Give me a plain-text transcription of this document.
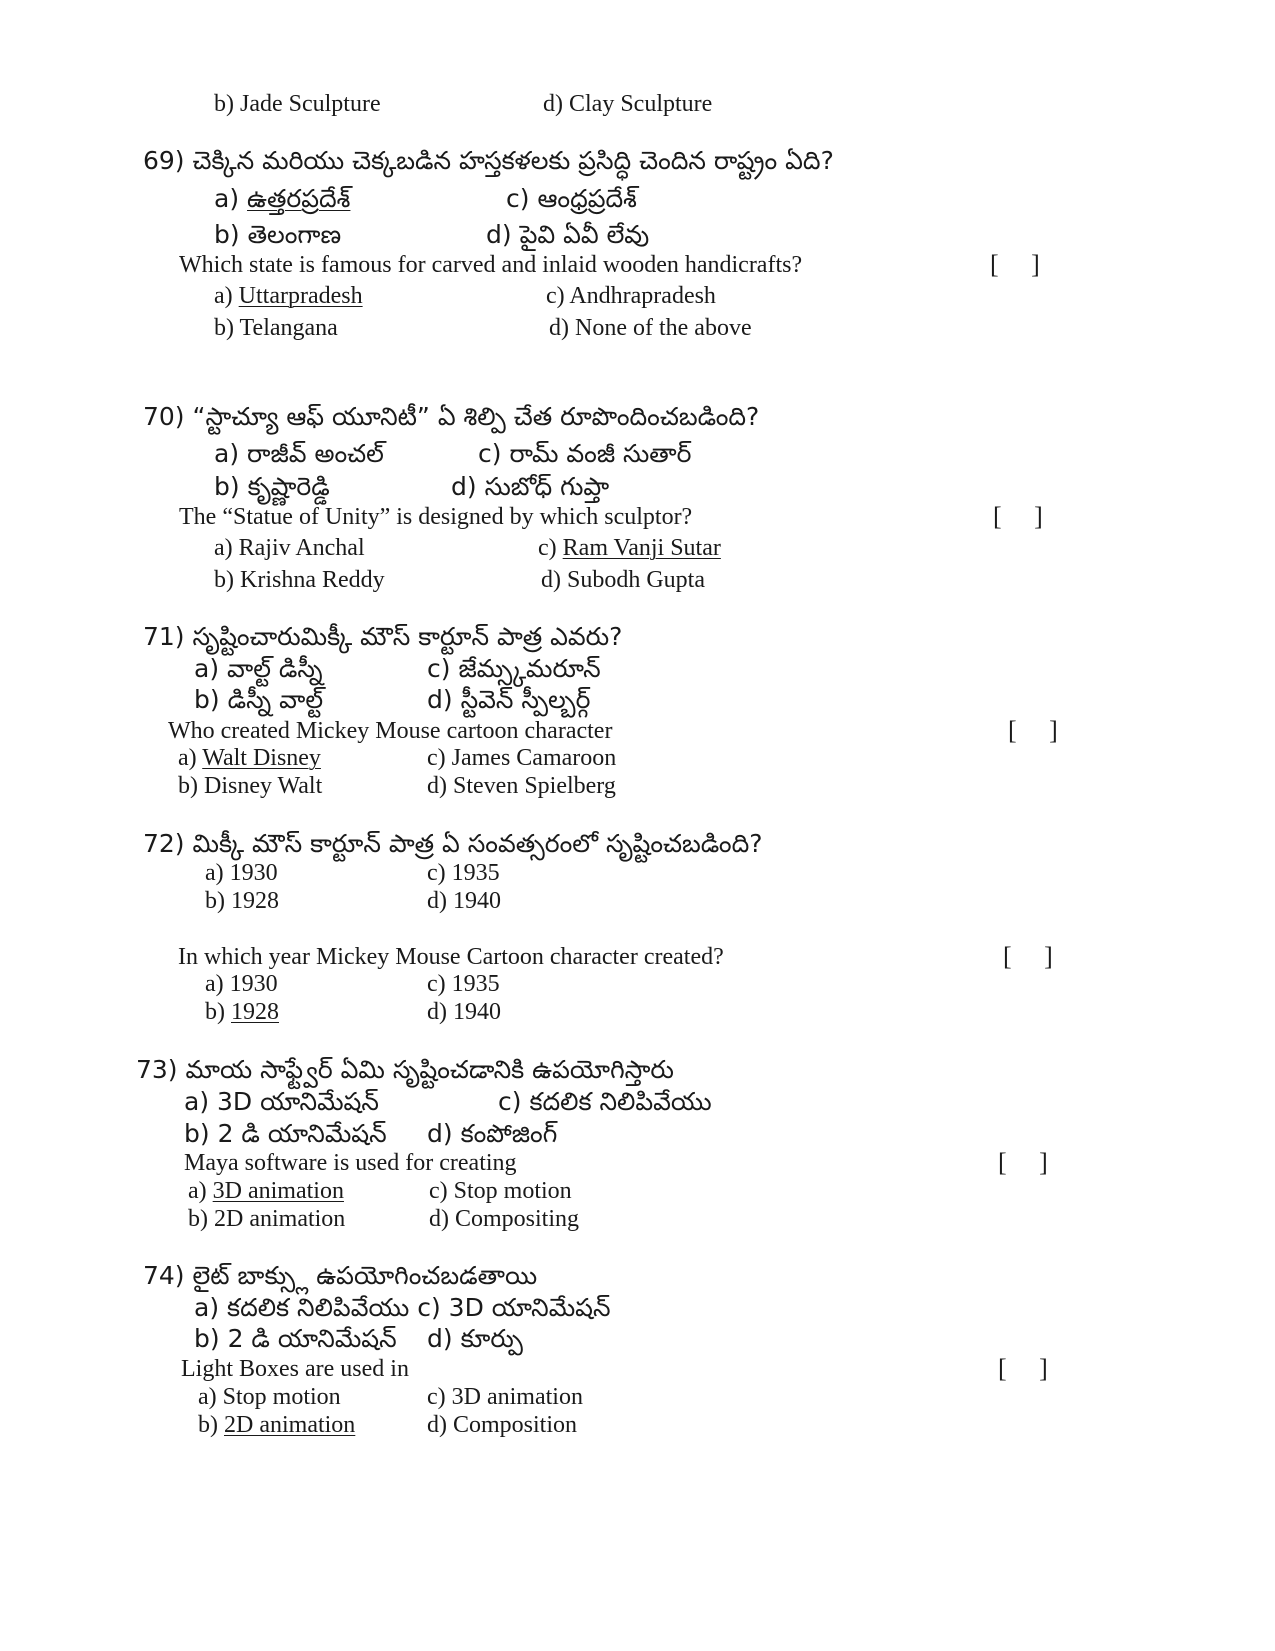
b) Jade Sculpture	d) Clay Sculpture
69) చెక్కిన మరియు చెక్కబడిన హస్తకళలకు ప్రసిద్ధి చెందిన రాష్ట్రం ఏది?
a) ఉత్తరప్రదేశ్	c) ఆంధ్రప్రదేశ్
b) తెలంగాణ	d) పైవి ఏవీ లేవు
Which state is famous for carved and inlaid wooden handicrafts?	[     ]
a) Uttarpradesh	c) Andhrapradesh
b) Telangana	d) None of the above
70) “స్టాచ్యూ ఆఫ్ యూనిటీ” ఏ శిల్పి చేత రూపొందించబడింది?
a) రాజీవ్ అంచల్	c) రామ్ వంజీ సుతార్
b) కృష్ణారెడ్డి	d) సుబోధ్ గుప్తా
The “Statue of Unity” is designed by which sculptor?	[     ]
a) Rajiv Anchal	c) Ram Vanji Sutar
b) Krishna Reddy	d) Subodh Gupta
71) సృష్టించారుమిక్కీ మౌస్ కార్టూన్ పాత్ర ఎవరు?
a) వాల్ట్ డిస్నీ	c) జేమ్స్కమరూన్
b) డిస్నీ వాల్ట్	d) స్టీవెన్ స్పీల్బర్గ్
Who created Mickey Mouse cartoon character	[     ]
a) Walt Disney	c) James Camaroon
b) Disney Walt	d) Steven Spielberg
72) మిక్కీ మౌస్ కార్టూన్ పాత్ర ఏ సంవత్సరంలో సృష్టించబడింది?
a) 1930	c) 1935
b) 1928	d) 1940
In which year Mickey Mouse Cartoon character created?	[     ]
a) 1930	c) 1935
b) 1928	d) 1940
73) మాయ సాఫ్ట్వేర్ ఏమి సృష్టించడానికి ఉపయోగిస్తారు
a) 3D యానిమేషన్	c) కదలిక నిలిపివేయు
b) 2 డి యానిమేషన్ d) కంపోజింగ్
Maya software is used for creating	[     ]
a) 3D animation	c) Stop motion
b) 2D animation	d) Compositing
74) లైట్ బాక్స్లు ఉపయోగించబడతాయి
a) కదలిక నిలిపివేయు c) 3D యానిమేషన్
b) 2 డి యానిమేషన్ d) కూర్పు
Light Boxes are used in	[     ]
a) Stop motion	c) 3D animation
b) 2D animation	d) Composition
